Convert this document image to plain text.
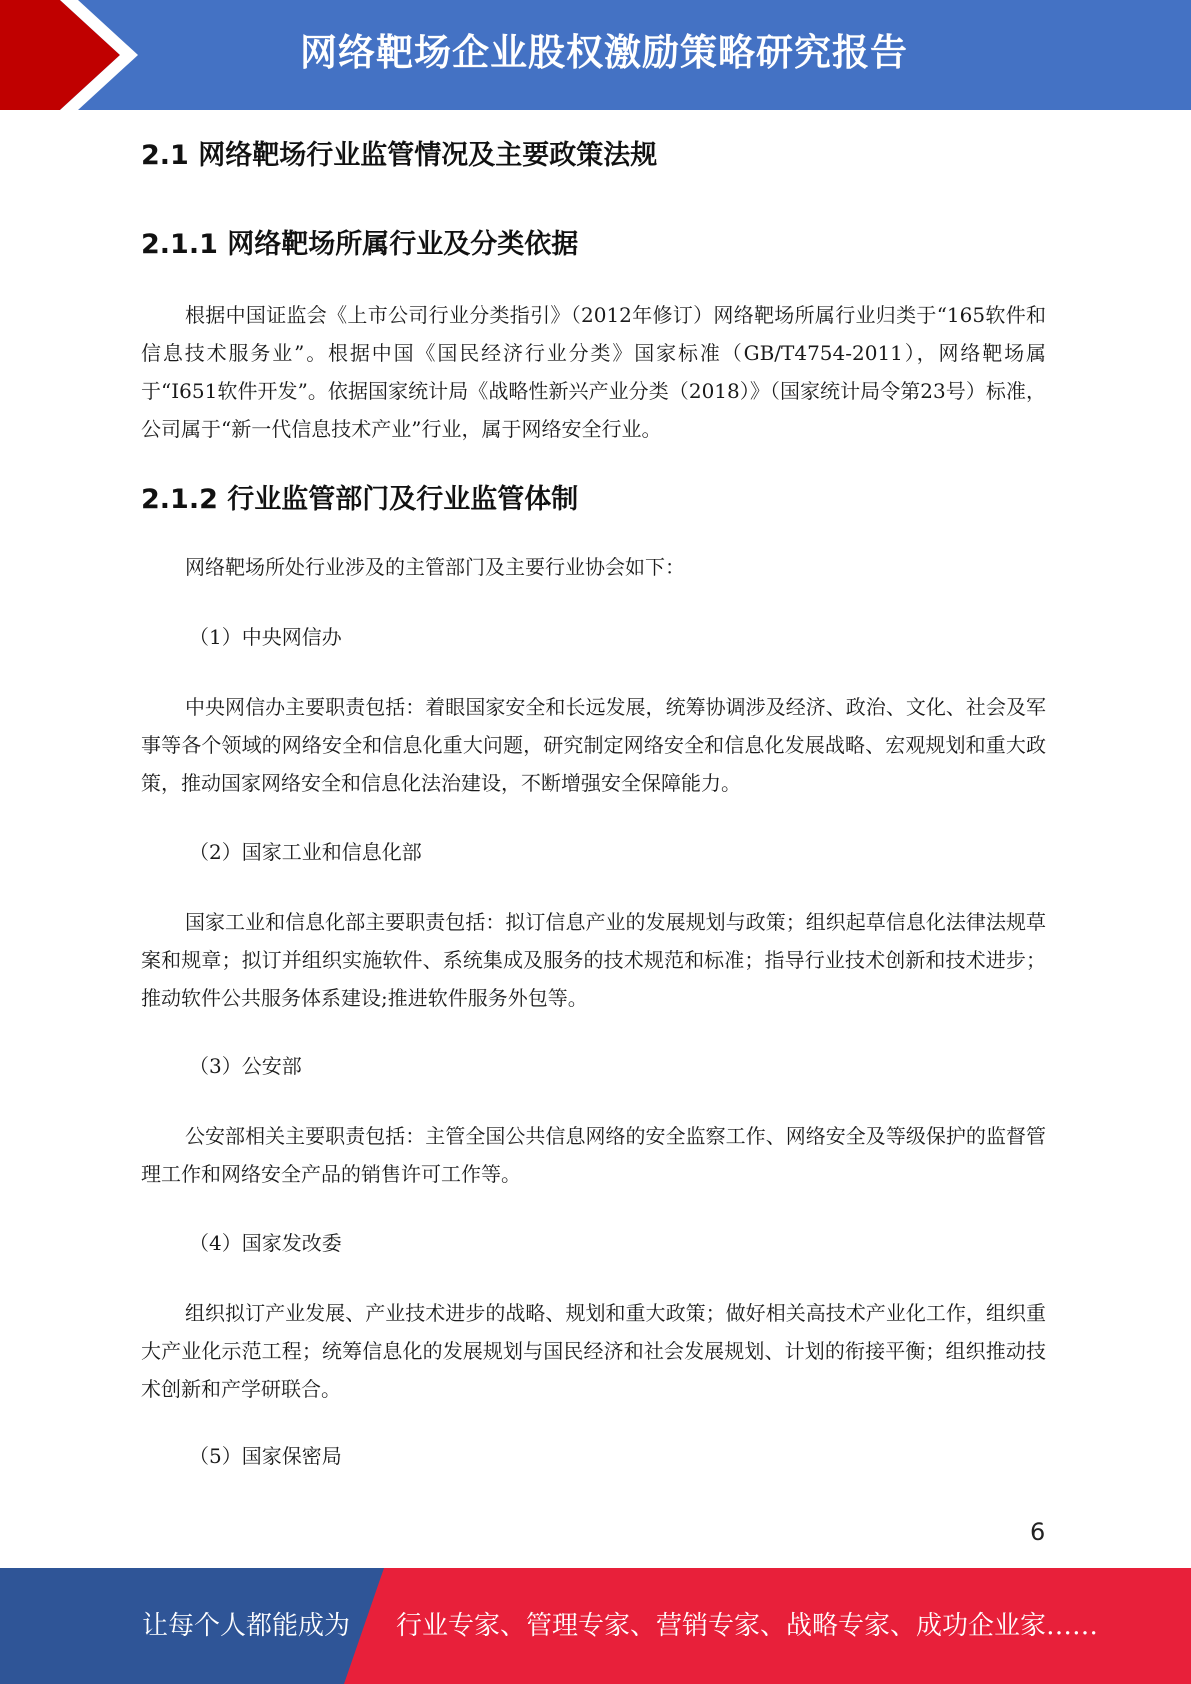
网络靶场企业股权激励策略研究报告
2.1 网络靶场行业监管情况及主要政策法规
2.1.1 网络靶场所属行业及分类依据
根据中国证监会《上市公司行业分类指引》（2012年修订）网络靶场所属行业归类于“165软件和信息技术服务业”。根据中国《国民经济行业分类》国家标准（GB/T4754-2011），网络靶场属于“I651软件开发”。依据国家统计局《战略性新兴产业分类（2018）》（国家统计局令第23号）标准，公司属于“新一代信息技术产业”行业，属于网络安全行业。
2.1.2 行业监管部门及行业监管体制
网络靶场所处行业涉及的主管部门及主要行业协会如下：
（1）中央网信办
中央网信办主要职责包括：着眼国家安全和长远发展，统筹协调涉及经济、政治、文化、社会及军事等各个领域的网络安全和信息化重大问题，研究制定网络安全和信息化发展战略、宏观规划和重大政策，推动国家网络安全和信息化法治建设，不断增强安全保障能力。
（2）国家工业和信息化部
国家工业和信息化部主要职责包括：拟订信息产业的发展规划与政策；组织起草信息化法律法规草案和规章；拟订并组织实施软件、系统集成及服务的技术规范和标准；指导行业技术创新和技术进步；推动软件公共服务体系建设;推进软件服务外包等。
（3）公安部
公安部相关主要职责包括：主管全国公共信息网络的安全监察工作、网络安全及等级保护的监督管理工作和网络安全产品的销售许可工作等。
（4）国家发改委
组织拟订产业发展、产业技术进步的战略、规划和重大政策；做好相关高技术产业化工作，组织重大产业化示范工程；统筹信息化的发展规划与国民经济和社会发展规划、计划的衔接平衡；组织推动技术创新和产学研联合。
（5）国家保密局
6
让每个人都能成为 行业专家、管理专家、营销专家、战略专家、成功企业家……
